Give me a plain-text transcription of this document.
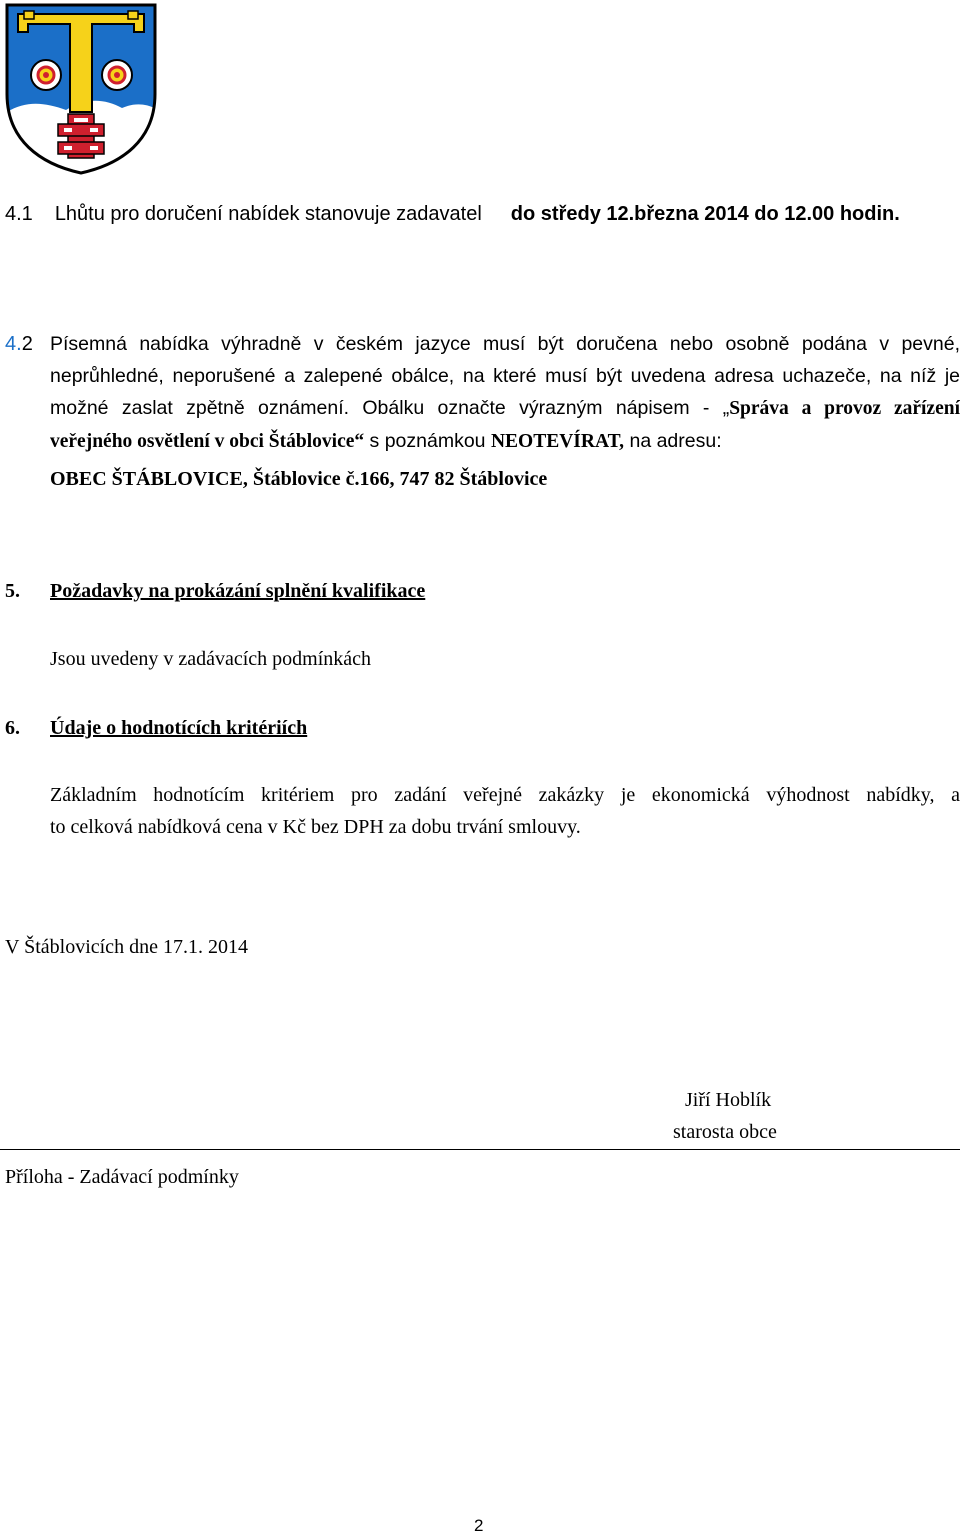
4.1 Lhůtu pro doručení nabídek stanovuje zadavatel do středy 12.března 2014 do 12.00 hodin.
4.2 Písemná nabídka výhradně v českém jazyce musí být doručena nebo osobně podána v pevné,
neprůhledné, neporušené a zalepené obálce, na které musí být uvedena adresa uchazeče, na níž je
možné zaslat zpětně oznámení. Obálku označte výrazným nápisem - „Správa a provoz zařízení
veřejného osvětlení v obci Štáblovice“ s poznámkou NEOTEVÍRAT, na adresu:
OBEC ŠTÁBLOVICE, Štáblovice č.166, 747 82 Štáblovice
5. Požadavky na prokázání splnění kvalifikace
Jsou uvedeny v zadávacích podmínkách
6. Údaje o hodnotících kritériích
Základním hodnotícím kritériem pro zadání veřejné zakázky je ekonomická výhodnost nabídky, a
to celková nabídková cena v Kč bez DPH za dobu trvání smlouvy.
V Štáblovicích dne 17.1. 2014
Jiří Hoblík
starosta obce
Příloha - Zadávací podmínky
2
